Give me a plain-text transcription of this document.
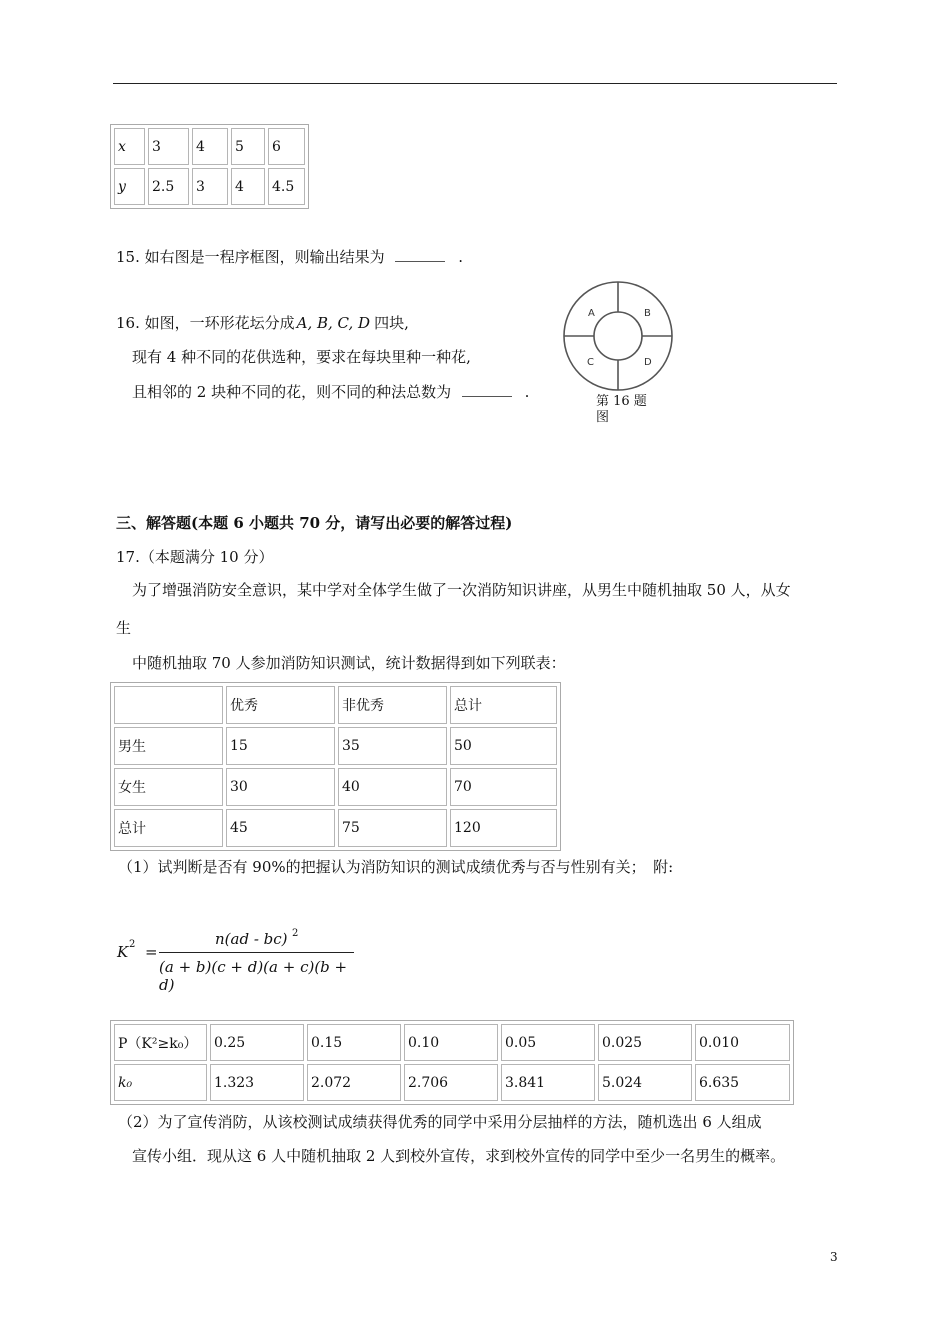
x	3	4	5	6
y	2.5	3	4	4.5
15. 如右图是一程序框图，则输出结果为	.
16. 如图，一环形花坛分成 A, B, C, D 四块,
现有 4 种不同的花供选种，要求在每块里种一种花,
且相邻的 2 块种不同的花，则不同的种法总数为	.
A	B
C	D
第 16 题
图
三、解答题(本题 6 小题共 70 分，请写出必要的解答过程)
17.（本题满分 10 分）
为了增强消防安全意识，某中学对全体学生做了一次消防知识讲座，从男生中随机抽取 50 人，从女
生
中随机抽取 70 人参加消防知识测试，统计数据得到如下列联表：
	优秀	非优秀	总计
男生	15	35	50
女生	30	40	70
总计	45	75	120
（1）试判断是否有 90%的把握认为消防知识的测试成绩优秀与否与性别有关；　附:
K 2 =
n(ad - bc) 2
(a + b)(c + d)(a + c)(b + d)
P（K²≥k₀）	0.25	0.15	0.10	0.05	0.025	0.010
k₀	1.323	2.072	2.706	3.841	5.024	6.635
（2）为了宣传消防，从该校测试成绩获得优秀的同学中采用分层抽样的方法，随机选出 6 人组成
宣传小组．现从这 6 人中随机抽取 2 人到校外宣传，求到校外宣传的同学中至少一名男生的概率。
3
